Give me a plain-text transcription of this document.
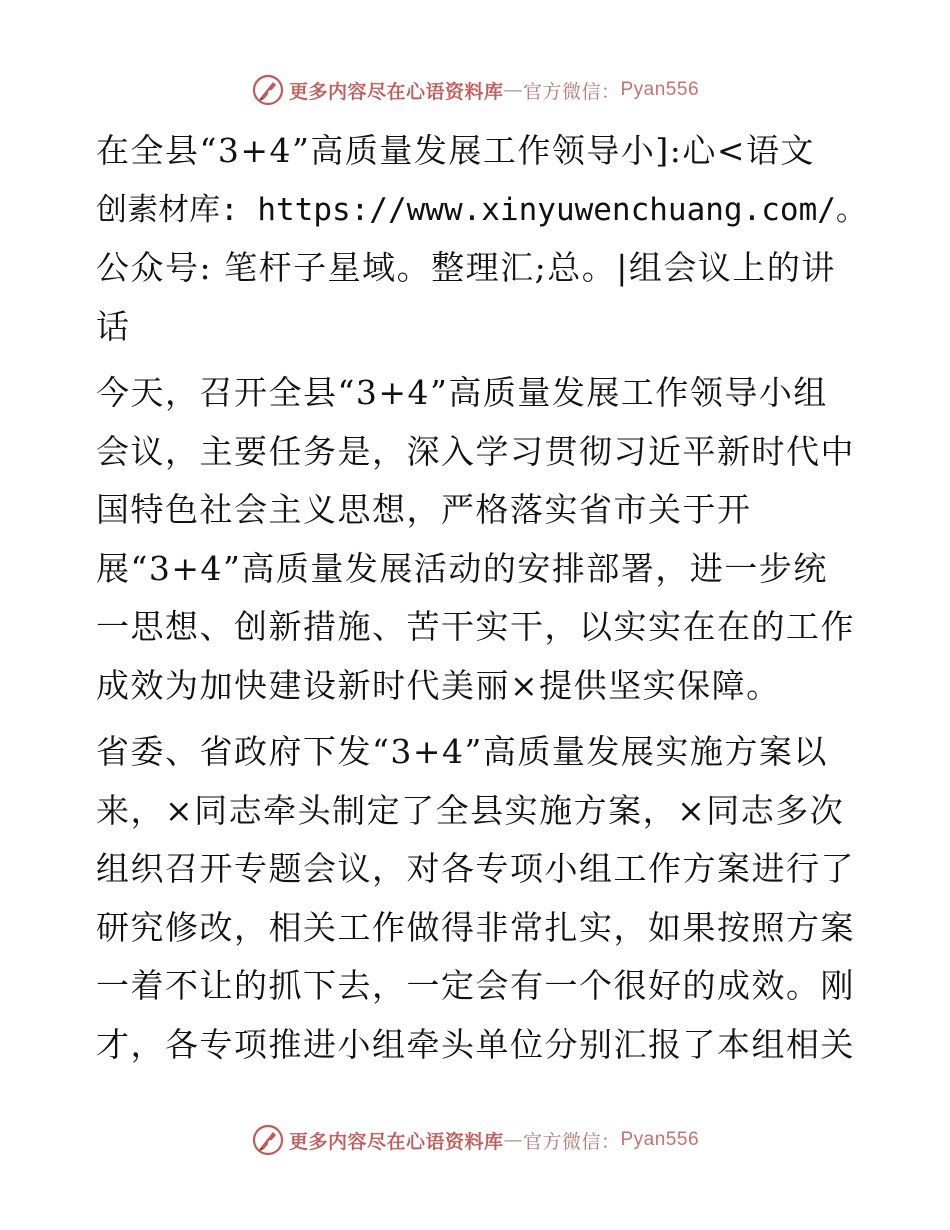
更多内容尽在心语资料库 — 官方微信： Pyan556
在全县“3+4”高质量发展工作领导小]:心<语文
创素材库: https://www.xinyuwenchuang.com/。
公众号: 笔杆子星域。整理汇;总。|组会议上的讲
话
今天，召开全县“3+4”高质量发展工作领导小组
会议，主要任务是，深入学习贯彻习近平新时代中
国特色社会主义思想，严格落实省市关于开
展“3+4”高质量发展活动的安排部署，进一步统
一思想、创新措施、苦干实干，以实实在在的工作
成效为加快建设新时代美丽×提供坚实保障。
省委、省政府下发“3+4”高质量发展实施方案以
来，×同志牵头制定了全县实施方案，×同志多次
组织召开专题会议，对各专项小组工作方案进行了
研究修改，相关工作做得非常扎实，如果按照方案
一着不让的抓下去，一定会有一个很好的成效。刚
才，各专项推进小组牵头单位分别汇报了本组相关
更多内容尽在心语资料库 — 官方微信： Pyan556
